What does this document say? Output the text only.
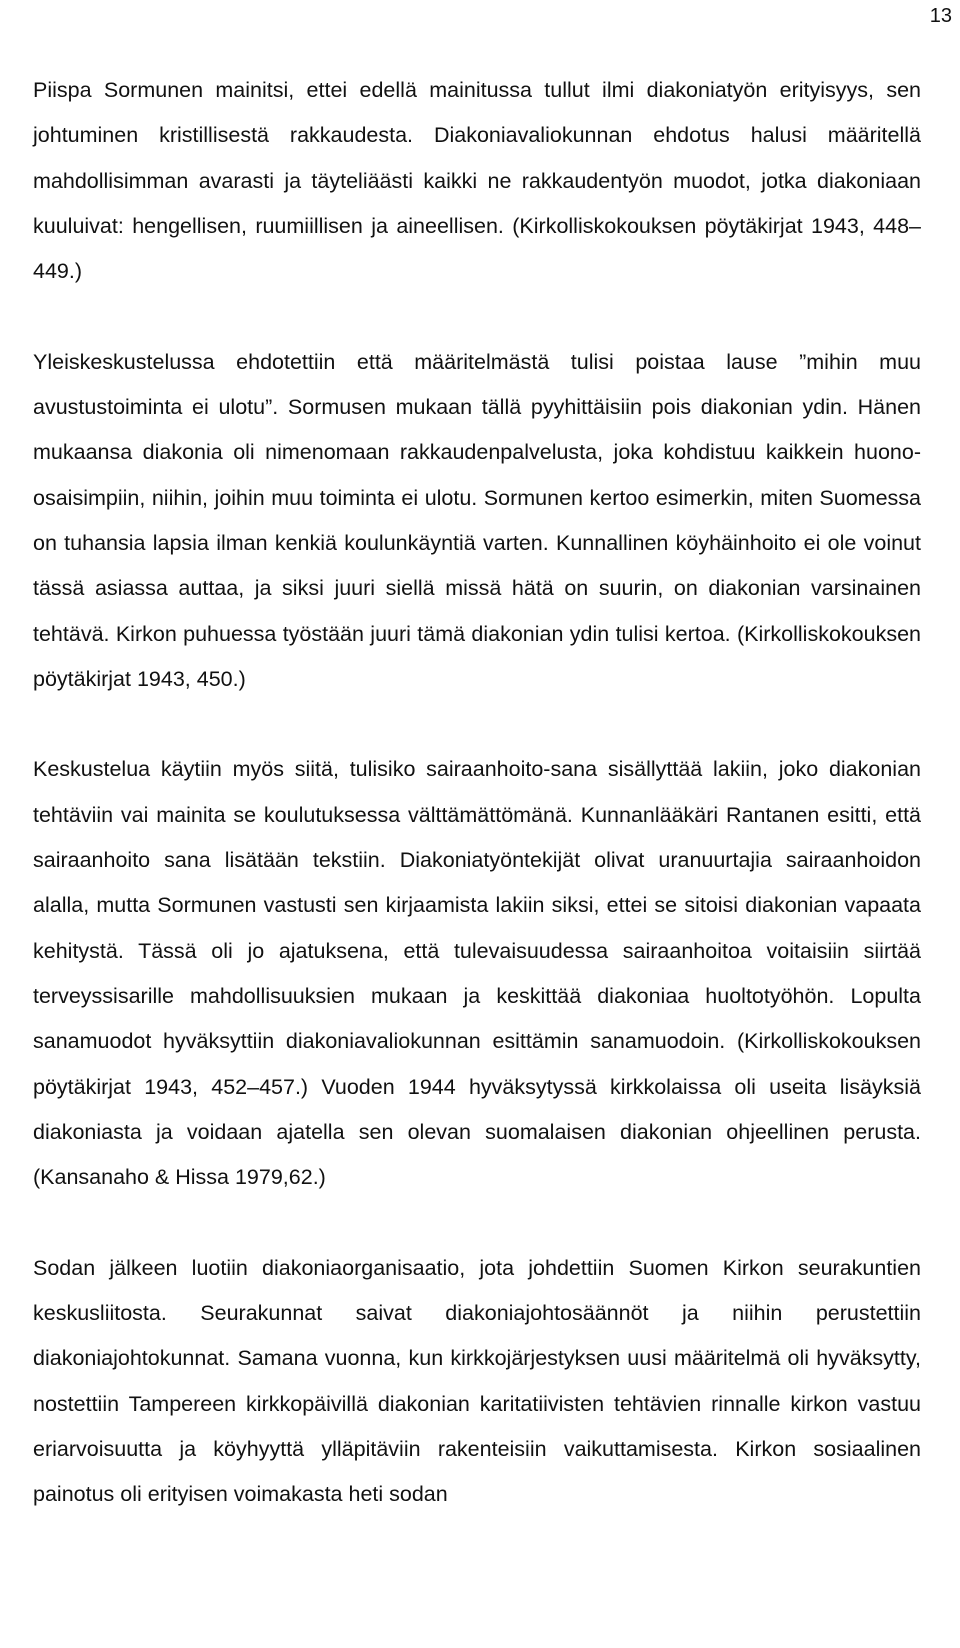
13

Piispa Sormunen mainitsi, ettei edellä mainitussa tullut ilmi diakoniatyön erityisyys, sen johtuminen kristillisestä rakkaudesta. Diakoniavaliokunnan ehdotus halusi määritellä mahdollisimman avarasti ja täyteliäästi kaikki ne rakkaudentyön muodot, jotka diakoniaan kuuluivat: hengellisen, ruumiillisen ja aineellisen. (Kirkolliskokouksen pöytäkirjat 1943, 448–449.)

Yleiskeskustelussa ehdotettiin että määritelmästä tulisi poistaa lause ”mihin muu avustustoiminta ei ulotu”. Sormusen mukaan tällä pyyhittäisiin pois diakonian ydin. Hänen mukaansa diakonia oli nimenomaan rakkaudenpalvelusta, joka kohdistuu kaikkein huono-osaisimpiin, niihin, joihin muu toiminta ei ulotu. Sormunen kertoo esimerkin, miten Suomessa on tuhansia lapsia ilman kenkiä koulunkäyntiä varten. Kunnallinen köyhäinhoito ei ole voinut tässä asiassa auttaa, ja siksi juuri siellä missä hätä on suurin, on diakonian varsinainen tehtävä. Kirkon puhuessa työstään juuri tämä diakonian ydin tulisi kertoa. (Kirkolliskokouksen pöytäkirjat 1943, 450.)

Keskustelua käytiin myös siitä, tulisiko sairaanhoito-sana sisällyttää lakiin, joko diakonian tehtäviin vai mainita se koulutuksessa välttämättömänä. Kunnanlääkäri Rantanen esitti, että sairaanhoito sana lisätään tekstiin. Diakoniatyöntekijät olivat uranuurtajia sairaanhoidon alalla, mutta Sormunen vastusti sen kirjaamista lakiin siksi, ettei se sitoisi diakonian vapaata kehitystä. Tässä oli jo ajatuksena, että tulevaisuudessa sairaanhoitoa voitaisiin siirtää terveyssisarille mahdollisuuksien mukaan ja keskittää diakoniaa huoltotyöhön. Lopulta sanamuodot hyväksyttiin diakoniavaliokunnan esittämin sanamuodoin. (Kirkolliskokouksen pöytäkirjat 1943, 452–457.) Vuoden 1944 hyväksytyssä kirkkolaissa oli useita lisäyksiä diakoniasta ja voidaan ajatella sen olevan suomalaisen diakonian ohjeellinen perusta. (Kansanaho & Hissa 1979,62.)

Sodan jälkeen luotiin diakoniaorganisaatio, jota johdettiin Suomen Kirkon seurakuntien keskusliitosta. Seurakunnat saivat diakoniajohtosäännöt ja niihin perustettiin diakoniajohtokunnat. Samana vuonna, kun kirkkojärjestyksen uusi määritelmä oli hyväksytty, nostettiin Tampereen kirkkopäivillä diakonian karitatiivisten tehtävien rinnalle kirkon vastuu eriarvoisuutta ja köyhyyttä ylläpitäviin rakenteisiin vaikuttamisesta. Kirkon sosiaalinen painotus oli erityisen voimakasta heti sodan
